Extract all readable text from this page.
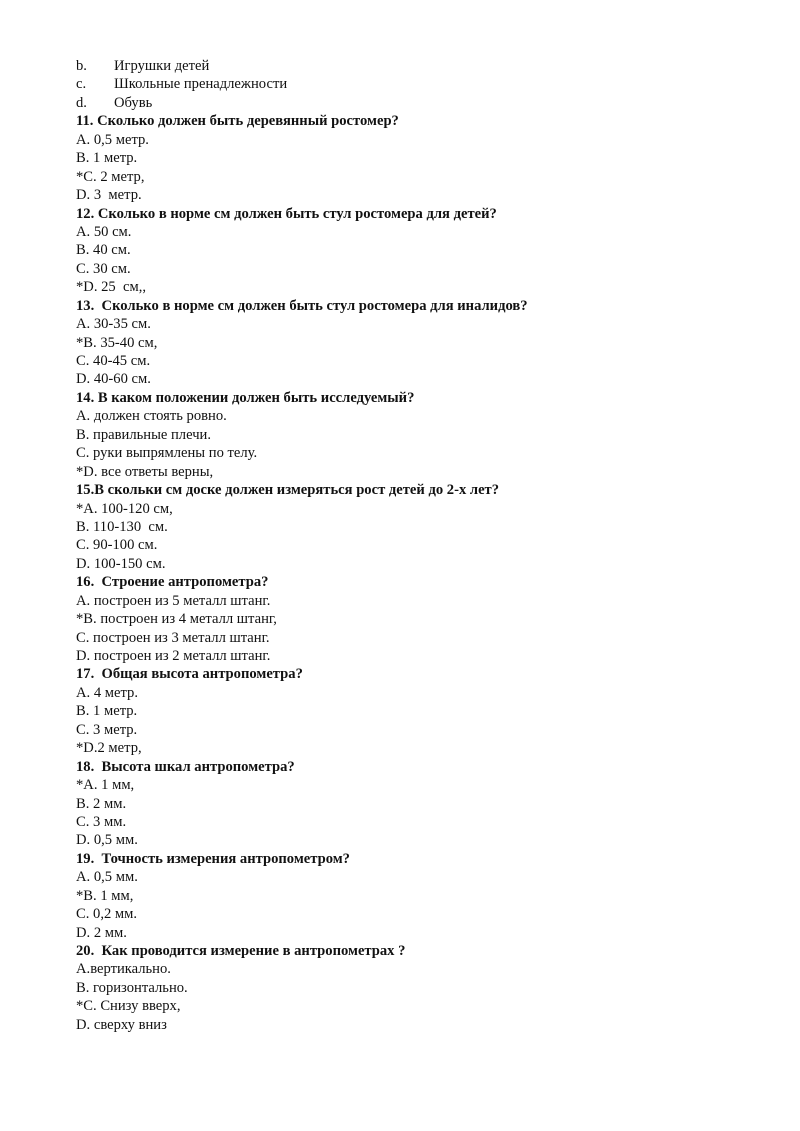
b.	Игрушки детей
c.	Школьные пренадлежности
d.	Обувь
11. Сколько должен быть деревянный ростомер?
A. 0,5 метр.
B. 1 метр.
*C. 2 метр,
D. 3  метр.
12. Сколько в норме см должен быть стул ростомера для детей?
A. 50 см.
B. 40 см.
C. 30 см.
*D. 25  см,,
13.  Сколько в норме см должен быть стул ростомера для иналидов?
A. 30-35 см.
*B. 35-40 см,
C. 40-45 см.
D. 40-60 см.
14. В каком положении должен быть исследуемый?
A. должен стоять ровно.
B. правильные плечи.
C. руки выпрямлены по телу.
*D. все ответы верны,
15.В скольки см доске должен измеряться рост детей до 2-х лет?
*A. 100-120 см,
B. 110-130  см.
C. 90-100 см.
D. 100-150 см.
16.  Строение антропометра?
A. построен из 5 металл штанг.
*B. построен из 4 металл штанг,
C. построен из 3 металл штанг.
D. построен из 2 металл штанг.
17.  Общая высота антропометра?
A. 4 метр.
B. 1 метр.
C. 3 метр.
*D.2 метр,
18.  Высота шкал антропометра?
*A. 1 мм,
B. 2 мм.
C. 3 мм.
D. 0,5 мм.
19.  Точность измерения антропометром?
A. 0,5 мм.
*B. 1 мм,
C. 0,2 мм.
D. 2 мм.
20.  Как проводится измерение в антропометрах ?
A.вертикально.
B. горизонтально.
*C. Снизу вверх,
D. сверху вниз
